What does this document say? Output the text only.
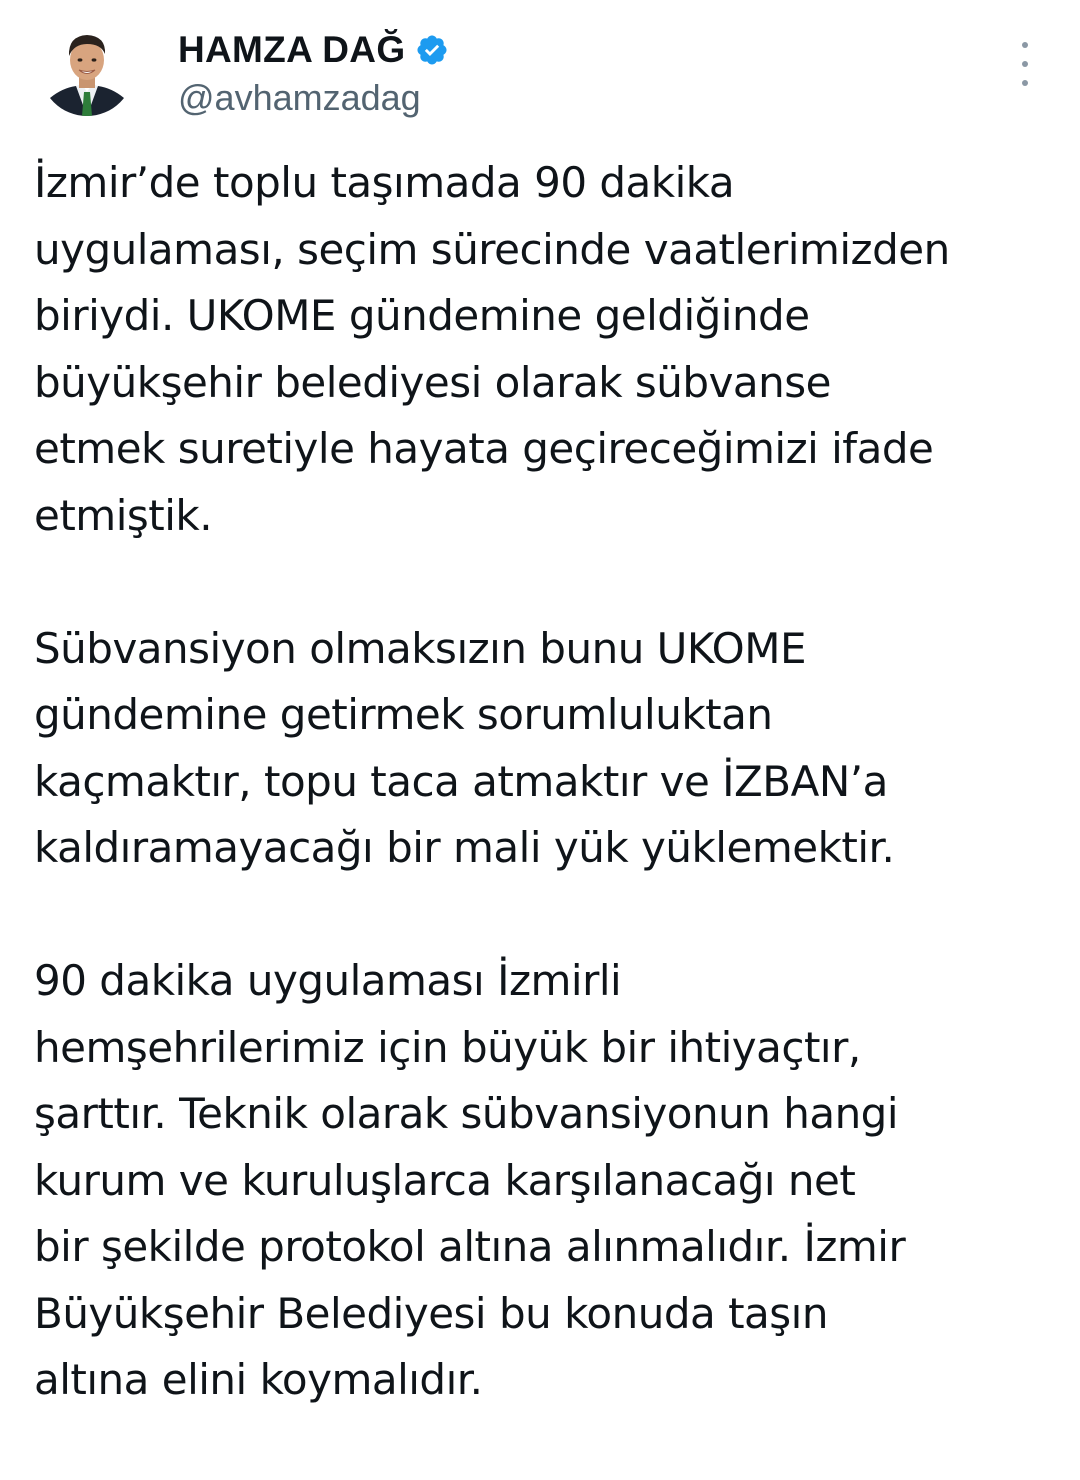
HAMZA DAĞ
@avhamzadag

İzmir’de toplu taşımada 90 dakika
uygulaması, seçim sürecinde vaatlerimizden
biriydi. UKOME gündemine geldiğinde
büyükşehir belediyesi olarak sübvanse
etmek suretiyle hayata geçireceğimizi ifade
etmiştik.

Sübvansiyon olmaksızın bunu UKOME
gündemine getirmek sorumluluktan
kaçmaktır, topu taca atmaktır ve İZBAN’a
kaldıramayacağı bir mali yük yüklemektir.

90 dakika uygulaması İzmirli
hemşehrilerimiz için büyük bir ihtiyaçtır,
şarttır. Teknik olarak sübvansiyonun hangi
kurum ve kuruluşlarca karşılanacağı net
bir şekilde protokol altına alınmalıdır. İzmir
Büyükşehir Belediyesi bu konuda taşın
altına elini koymalıdır.
